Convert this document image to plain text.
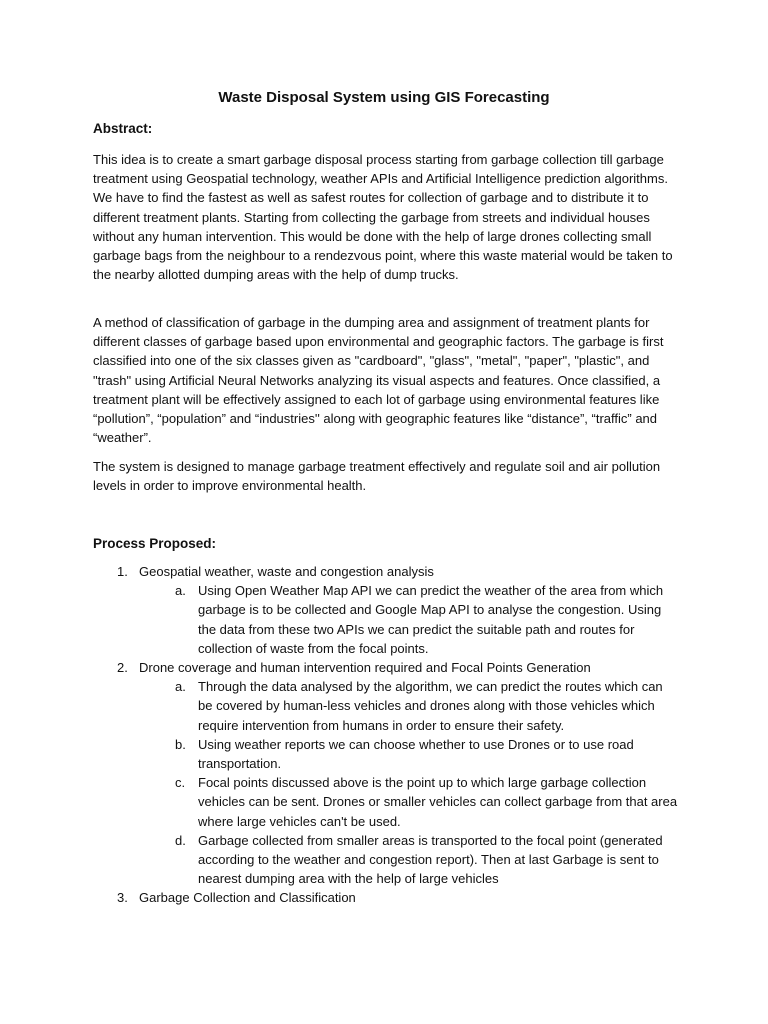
Waste Disposal System using GIS Forecasting
Abstract:

This idea is to create a smart garbage disposal process starting from garbage collection till garbage treatment using Geospatial technology, weather APIs and Artificial Intelligence prediction algorithms. We have to find the fastest as well as safest routes for collection of garbage and to distribute it to different treatment plants. Starting from collecting the garbage from streets and individual houses without any human intervention. This would be done with the help of large drones collecting small garbage bags from the neighbour to a rendezvous point, where this waste material would be taken to the nearby allotted dumping areas with the help of dump trucks.

A method of classification of garbage in the dumping area and assignment of treatment plants for different classes of garbage based upon environmental and geographic factors. The garbage is first classified into one of the six classes given as "cardboard", "glass", "metal", "paper", "plastic", and "trash" using Artificial Neural Networks analyzing its visual aspects and features. Once classified, a treatment plant will be effectively assigned to each lot of garbage using environmental features like “pollution”, “population” and “industries'' along with geographic features like “distance”, “traffic” and “weather”.

The system is designed to manage garbage treatment effectively and regulate soil and air pollution levels in order to improve environmental health.

Process Proposed:
1. Geospatial weather, waste and congestion analysis
a. Using Open Weather Map API we can predict the weather of the area from which garbage is to be collected and Google Map API to analyse the congestion. Using the data from these two APIs we can predict the suitable path and routes for collection of waste from the focal points.
2. Drone coverage and human intervention required and Focal Points Generation
a. Through the data analysed by the algorithm, we can predict the routes which can be covered by human-less vehicles and drones along with those vehicles which require intervention from humans in order to ensure their safety.
b. Using weather reports we can choose whether to use Drones or to use road transportation.
c. Focal points discussed above is the point up to which large garbage collection vehicles can be sent. Drones or smaller vehicles can collect garbage from that area where large vehicles can't be used.
d. Garbage collected from smaller areas is transported to the focal point (generated according to the weather and congestion report). Then at last Garbage is sent to nearest dumping area with the help of large vehicles
3. Garbage Collection and Classification
